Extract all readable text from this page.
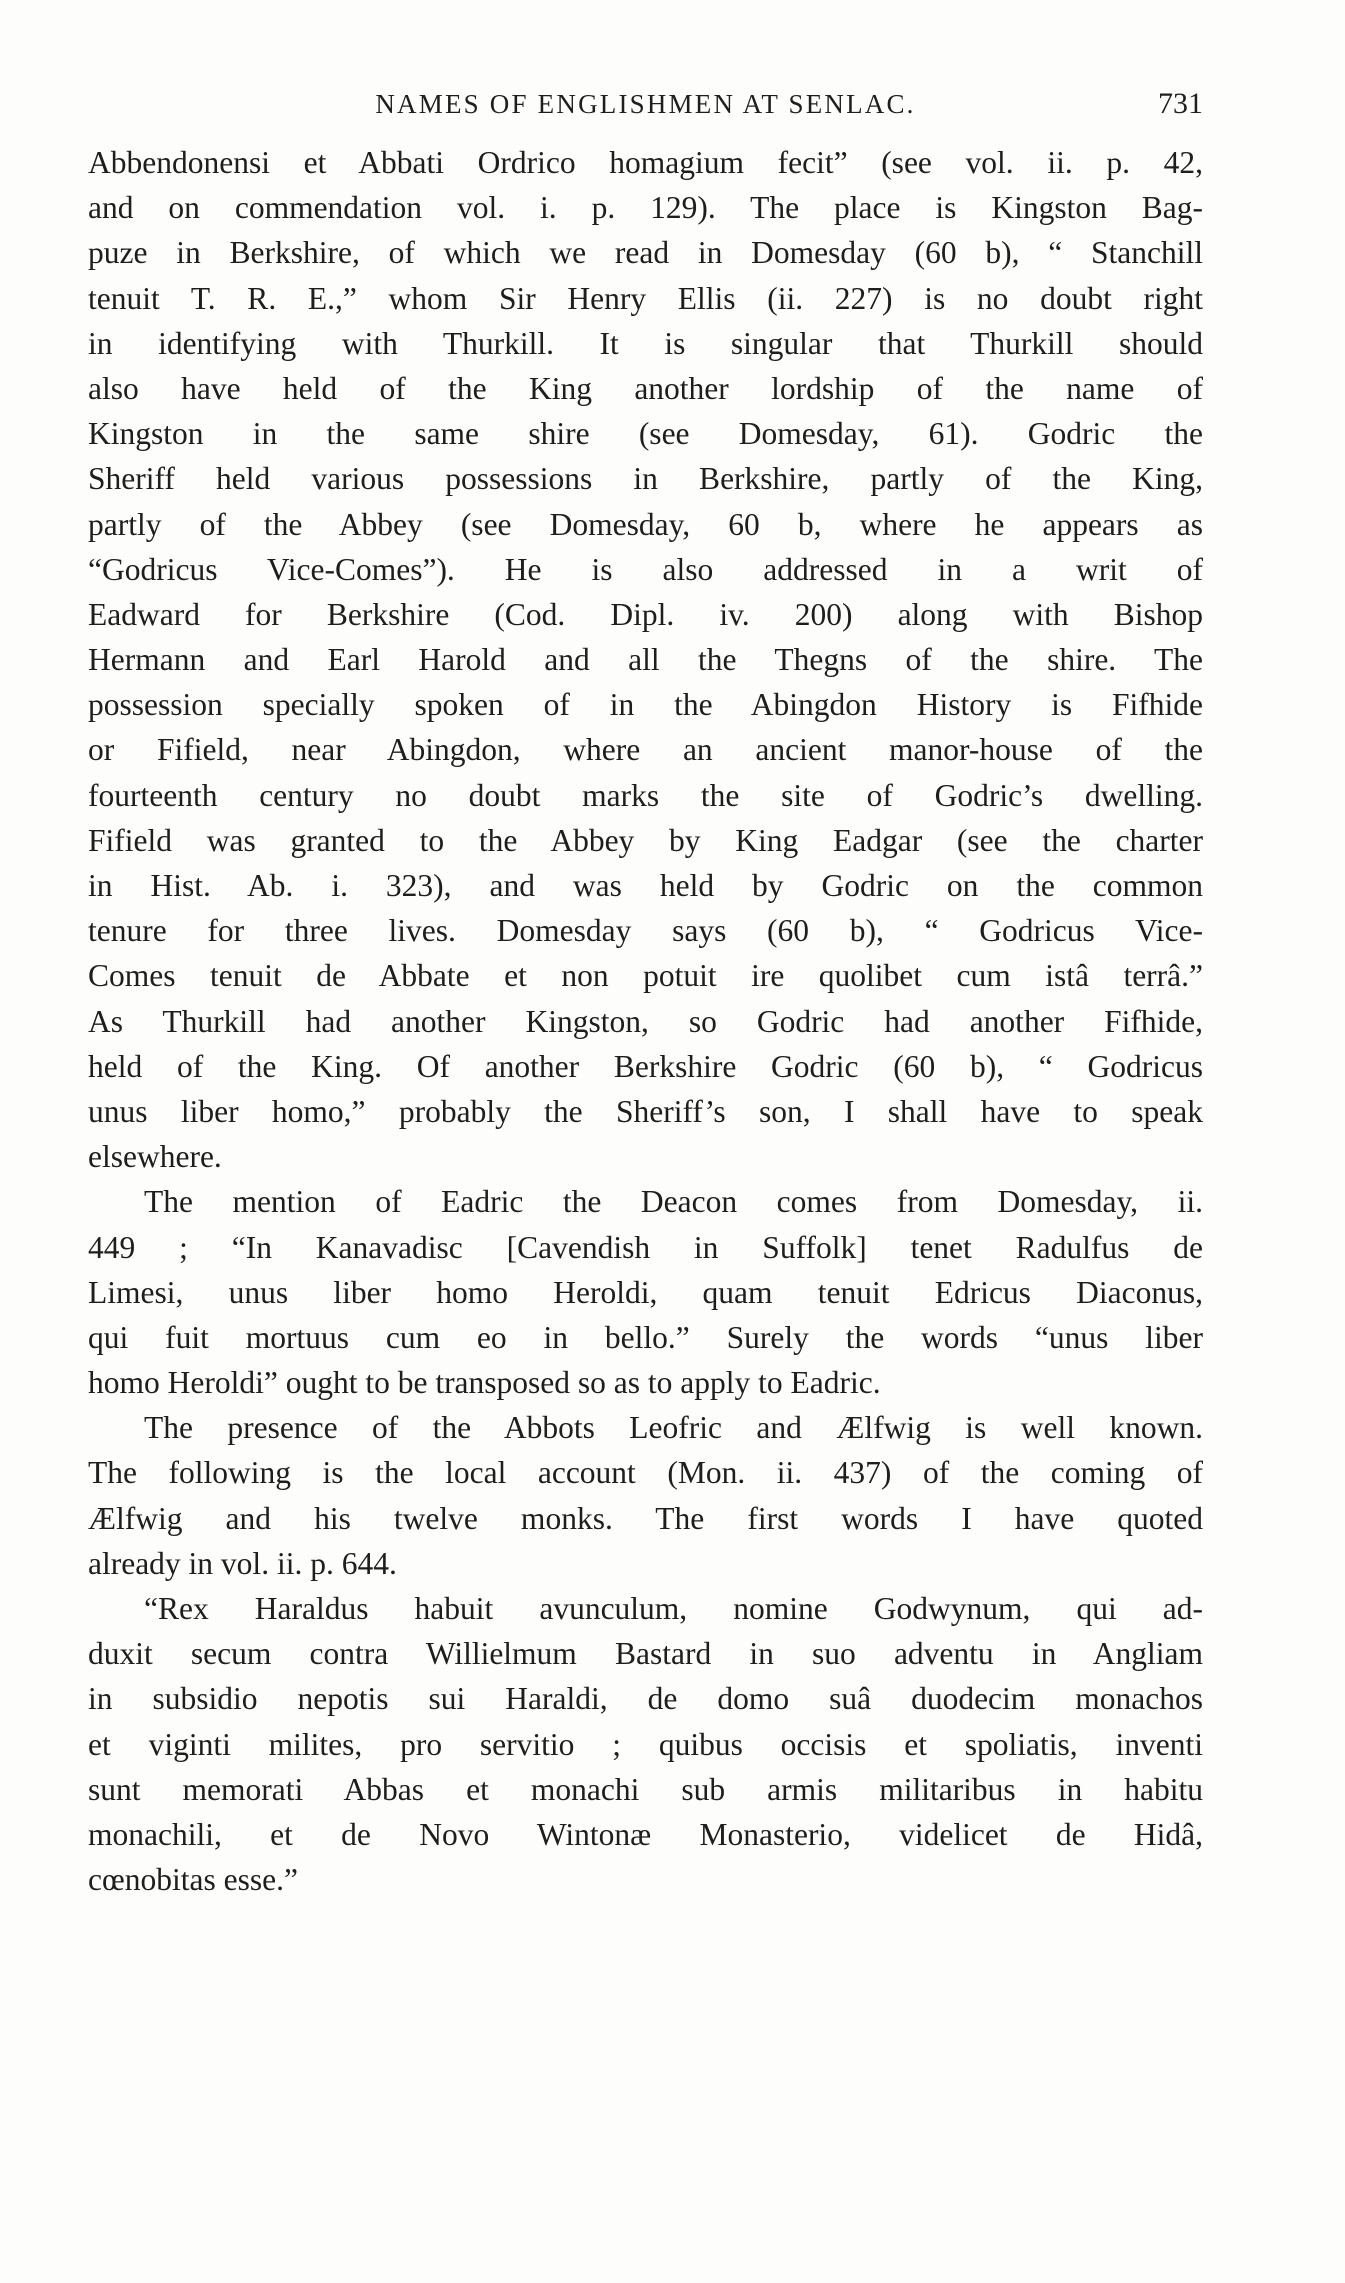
NAMES OF ENGLISHMEN AT SENLAC.	731
Abbendonensi et Abbati Ordrico homagium fecit” (see vol. ii. p. 42,
and on commendation vol. i. p. 129). The place is Kingston Bag-
puze in Berkshire, of which we read in Domesday (60 b), “ Stanchill
tenuit T. R. E.,” whom Sir Henry Ellis (ii. 227) is no doubt right
in identifying with Thurkill. It is singular that Thurkill should
also have held of the King another lordship of the name of
Kingston in the same shire (see Domesday, 61). Godric the
Sheriff held various possessions in Berkshire, partly of the King,
partly of the Abbey (see Domesday, 60 b, where he appears as
“Godricus Vice-Comes”). He is also addressed in a writ of
Eadward for Berkshire (Cod. Dipl. iv. 200) along with Bishop
Hermann and Earl Harold and all the Thegns of the shire. The
possession specially spoken of in the Abingdon History is Fifhide
or Fifield, near Abingdon, where an ancient manor-house of the
fourteenth century no doubt marks the site of Godric’s dwelling.
Fifield was granted to the Abbey by King Eadgar (see the charter
in Hist. Ab. i. 323), and was held by Godric on the common
tenure for three lives. Domesday says (60 b), “ Godricus Vice-
Comes tenuit de Abbate et non potuit ire quolibet cum istâ terrâ.”
As Thurkill had another Kingston, so Godric had another Fifhide,
held of the King. Of another Berkshire Godric (60 b), “ Godricus
unus liber homo,” probably the Sheriff’s son, I shall have to speak
elsewhere.
The mention of Eadric the Deacon comes from Domesday, ii.
449 ; “In Kanavadisc [Cavendish in Suffolk] tenet Radulfus de
Limesi, unus liber homo Heroldi, quam tenuit Edricus Diaconus,
qui fuit mortuus cum eo in bello.” Surely the words “unus liber
homo Heroldi” ought to be transposed so as to apply to Eadric.
The presence of the Abbots Leofric and Ælfwig is well known.
The following is the local account (Mon. ii. 437) of the coming of
Ælfwig and his twelve monks. The first words I have quoted
already in vol. ii. p. 644.
“Rex Haraldus habuit avunculum, nomine Godwynum, qui ad-
duxit secum contra Willielmum Bastard in suo adventu in Angliam
in subsidio nepotis sui Haraldi, de domo suâ duodecim monachos
et viginti milites, pro servitio ; quibus occisis et spoliatis, inventi
sunt memorati Abbas et monachi sub armis militaribus in habitu
monachili, et de Novo Wintonæ Monasterio, videlicet de Hidâ,
cœnobitas esse.”
